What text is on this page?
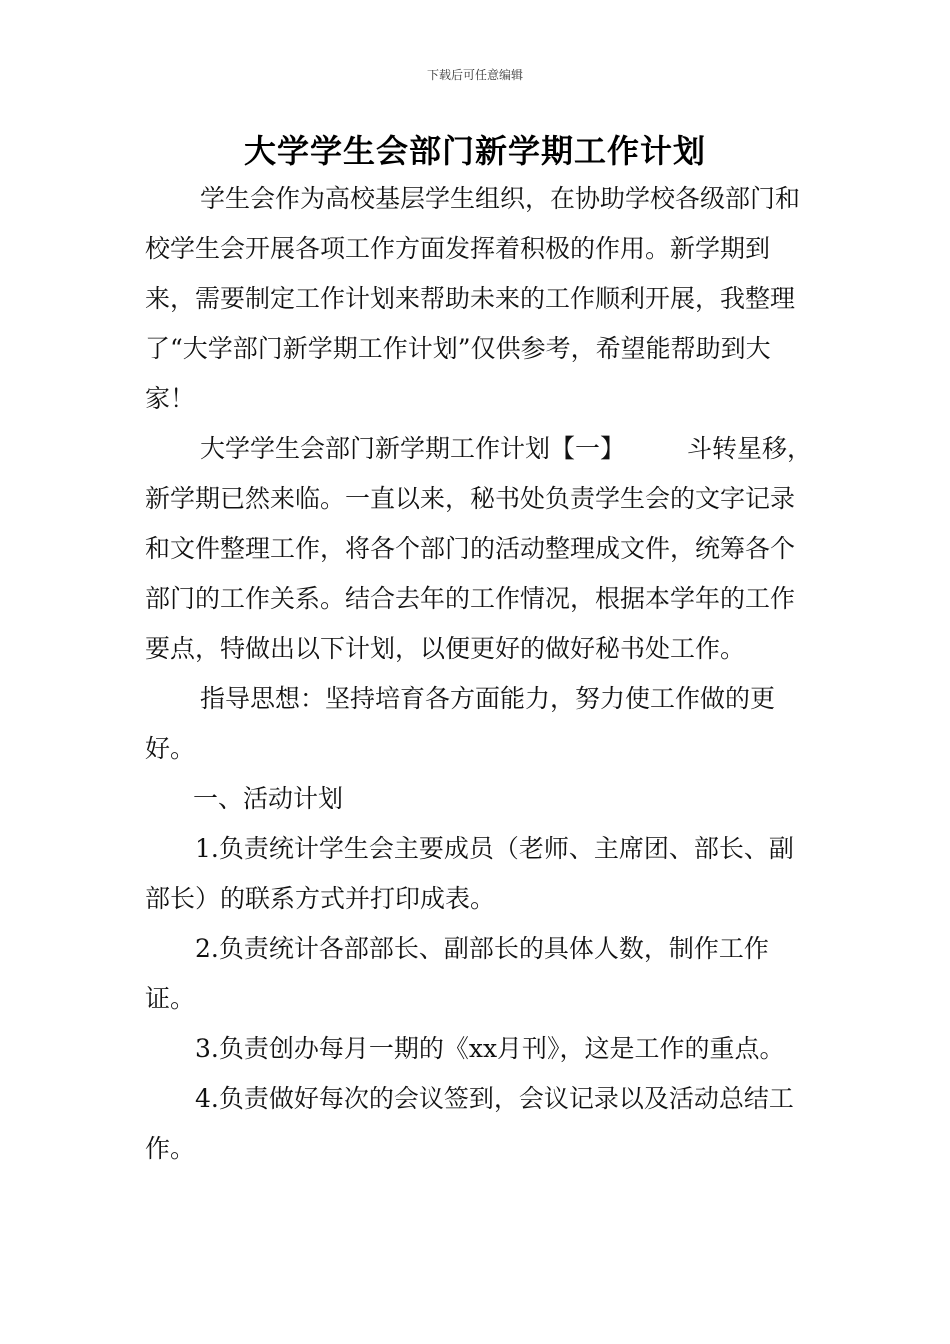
下载后可任意编辑
大学学生会部门新学期工作计划

学生会作为高校基层学生组织，在协助学校各级部门和校学生会开展各项工作方面发挥着积极的作用。新学期到来，需要制定工作计划来帮助未来的工作顺利开展，我整理了“大学部门新学期工作计划”仅供参考，希望能帮助到大家！

大学学生会部门新学期工作计划【一】 斗转星移，新学期已然来临。一直以来，秘书处负责学生会的文字记录和文件整理工作，将各个部门的活动整理成文件，统筹各个部门的工作关系。结合去年的工作情况，根据本学年的工作要点，特做出以下计划，以便更好的做好秘书处工作。

指导思想：坚持培育各方面能力，努力使工作做的更好。

一、活动计划

1.负责统计学生会主要成员（老师、主席团、部长、副部长）的联系方式并打印成表。

2.负责统计各部部长、副部长的具体人数，制作工作证。

3.负责创办每月一期的《xx月刊》，这是工作的重点。

4.负责做好每次的会议签到，会议记录以及活动总结工作。
